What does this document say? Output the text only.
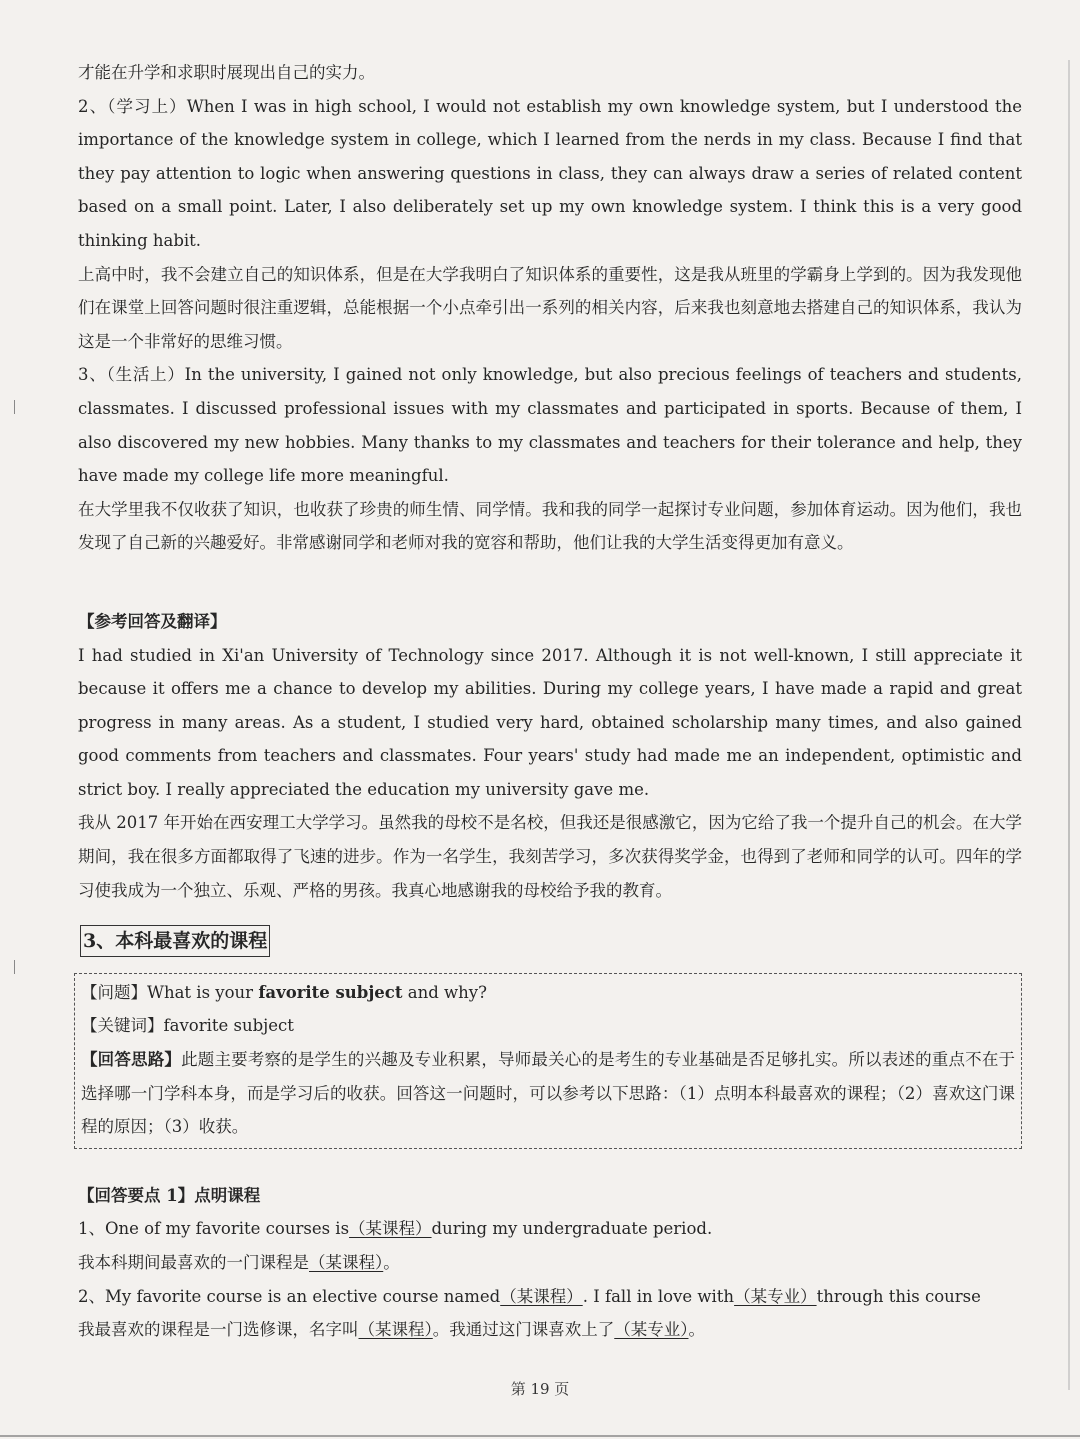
才能在升学和求职时展现出自己的实力。

2、（学习上）When I was in high school, I would not establish my own knowledge system, but I understood the importance of the knowledge system in college, which I learned from the nerds in my class. Because I find that they pay attention to logic when answering questions in class, they can always draw a series of related content based on a small point. Later, I also deliberately set up my own knowledge system. I think this is a very good thinking habit.

上高中时，我不会建立自己的知识体系，但是在大学我明白了知识体系的重要性，这是我从班里的学霸身上学到的。因为我发现他们在课堂上回答问题时很注重逻辑，总能根据一个小点牵引出一系列的相关内容，后来我也刻意地去搭建自己的知识体系，我认为这是一个非常好的思维习惯。

3、（生活上）In the university, I gained not only knowledge, but also precious feelings of teachers and students, classmates. I discussed professional issues with my classmates and participated in sports. Because of them, I also discovered my new hobbies. Many thanks to my classmates and teachers for their tolerance and help, they have made my college life more meaningful.

在大学里我不仅收获了知识，也收获了珍贵的师生情、同学情。我和我的同学一起探讨专业问题，参加体育运动。因为他们，我也发现了自己新的兴趣爱好。非常感谢同学和老师对我的宽容和帮助，他们让我的大学生活变得更加有意义。

【参考回答及翻译】

I had studied in Xi'an University of Technology since 2017. Although it is not well-known, I still appreciate it because it offers me a chance to develop my abilities. During my college years, I have made a rapid and great progress in many areas. As a student, I studied very hard, obtained scholarship many times, and also gained good comments from teachers and classmates. Four years' study had made me an independent, optimistic and strict boy. I really appreciated the education my university gave me.

我从 2017 年开始在西安理工大学学习。虽然我的母校不是名校，但我还是很感激它，因为它给了我一个提升自己的机会。在大学期间，我在很多方面都取得了飞速的进步。作为一名学生，我刻苦学习，多次获得奖学金，也得到了老师和同学的认可。四年的学习使我成为一个独立、乐观、严格的男孩。我真心地感谢我的母校给予我的教育。

3、本科最喜欢的课程

【问题】What is your favorite subject and why?

【关键词】favorite subject

【回答思路】此题主要考察的是学生的兴趣及专业积累，导师最关心的是考生的专业基础是否足够扎实。所以表述的重点不在于选择哪一门学科本身，而是学习后的收获。回答这一问题时，可以参考以下思路：（1）点明本科最喜欢的课程；（2）喜欢这门课程的原因；（3）收获。

【回答要点 1】点明课程

1、One of my favorite courses is（某课程）during my undergraduate period.

我本科期间最喜欢的一门课程是（某课程）。

2、My favorite course is an elective course named（某课程）. I fall in love with（某专业）through this course

我最喜欢的课程是一门选修课，名字叫（某课程）。我通过这门课喜欢上了（某专业）。

第 19 页
